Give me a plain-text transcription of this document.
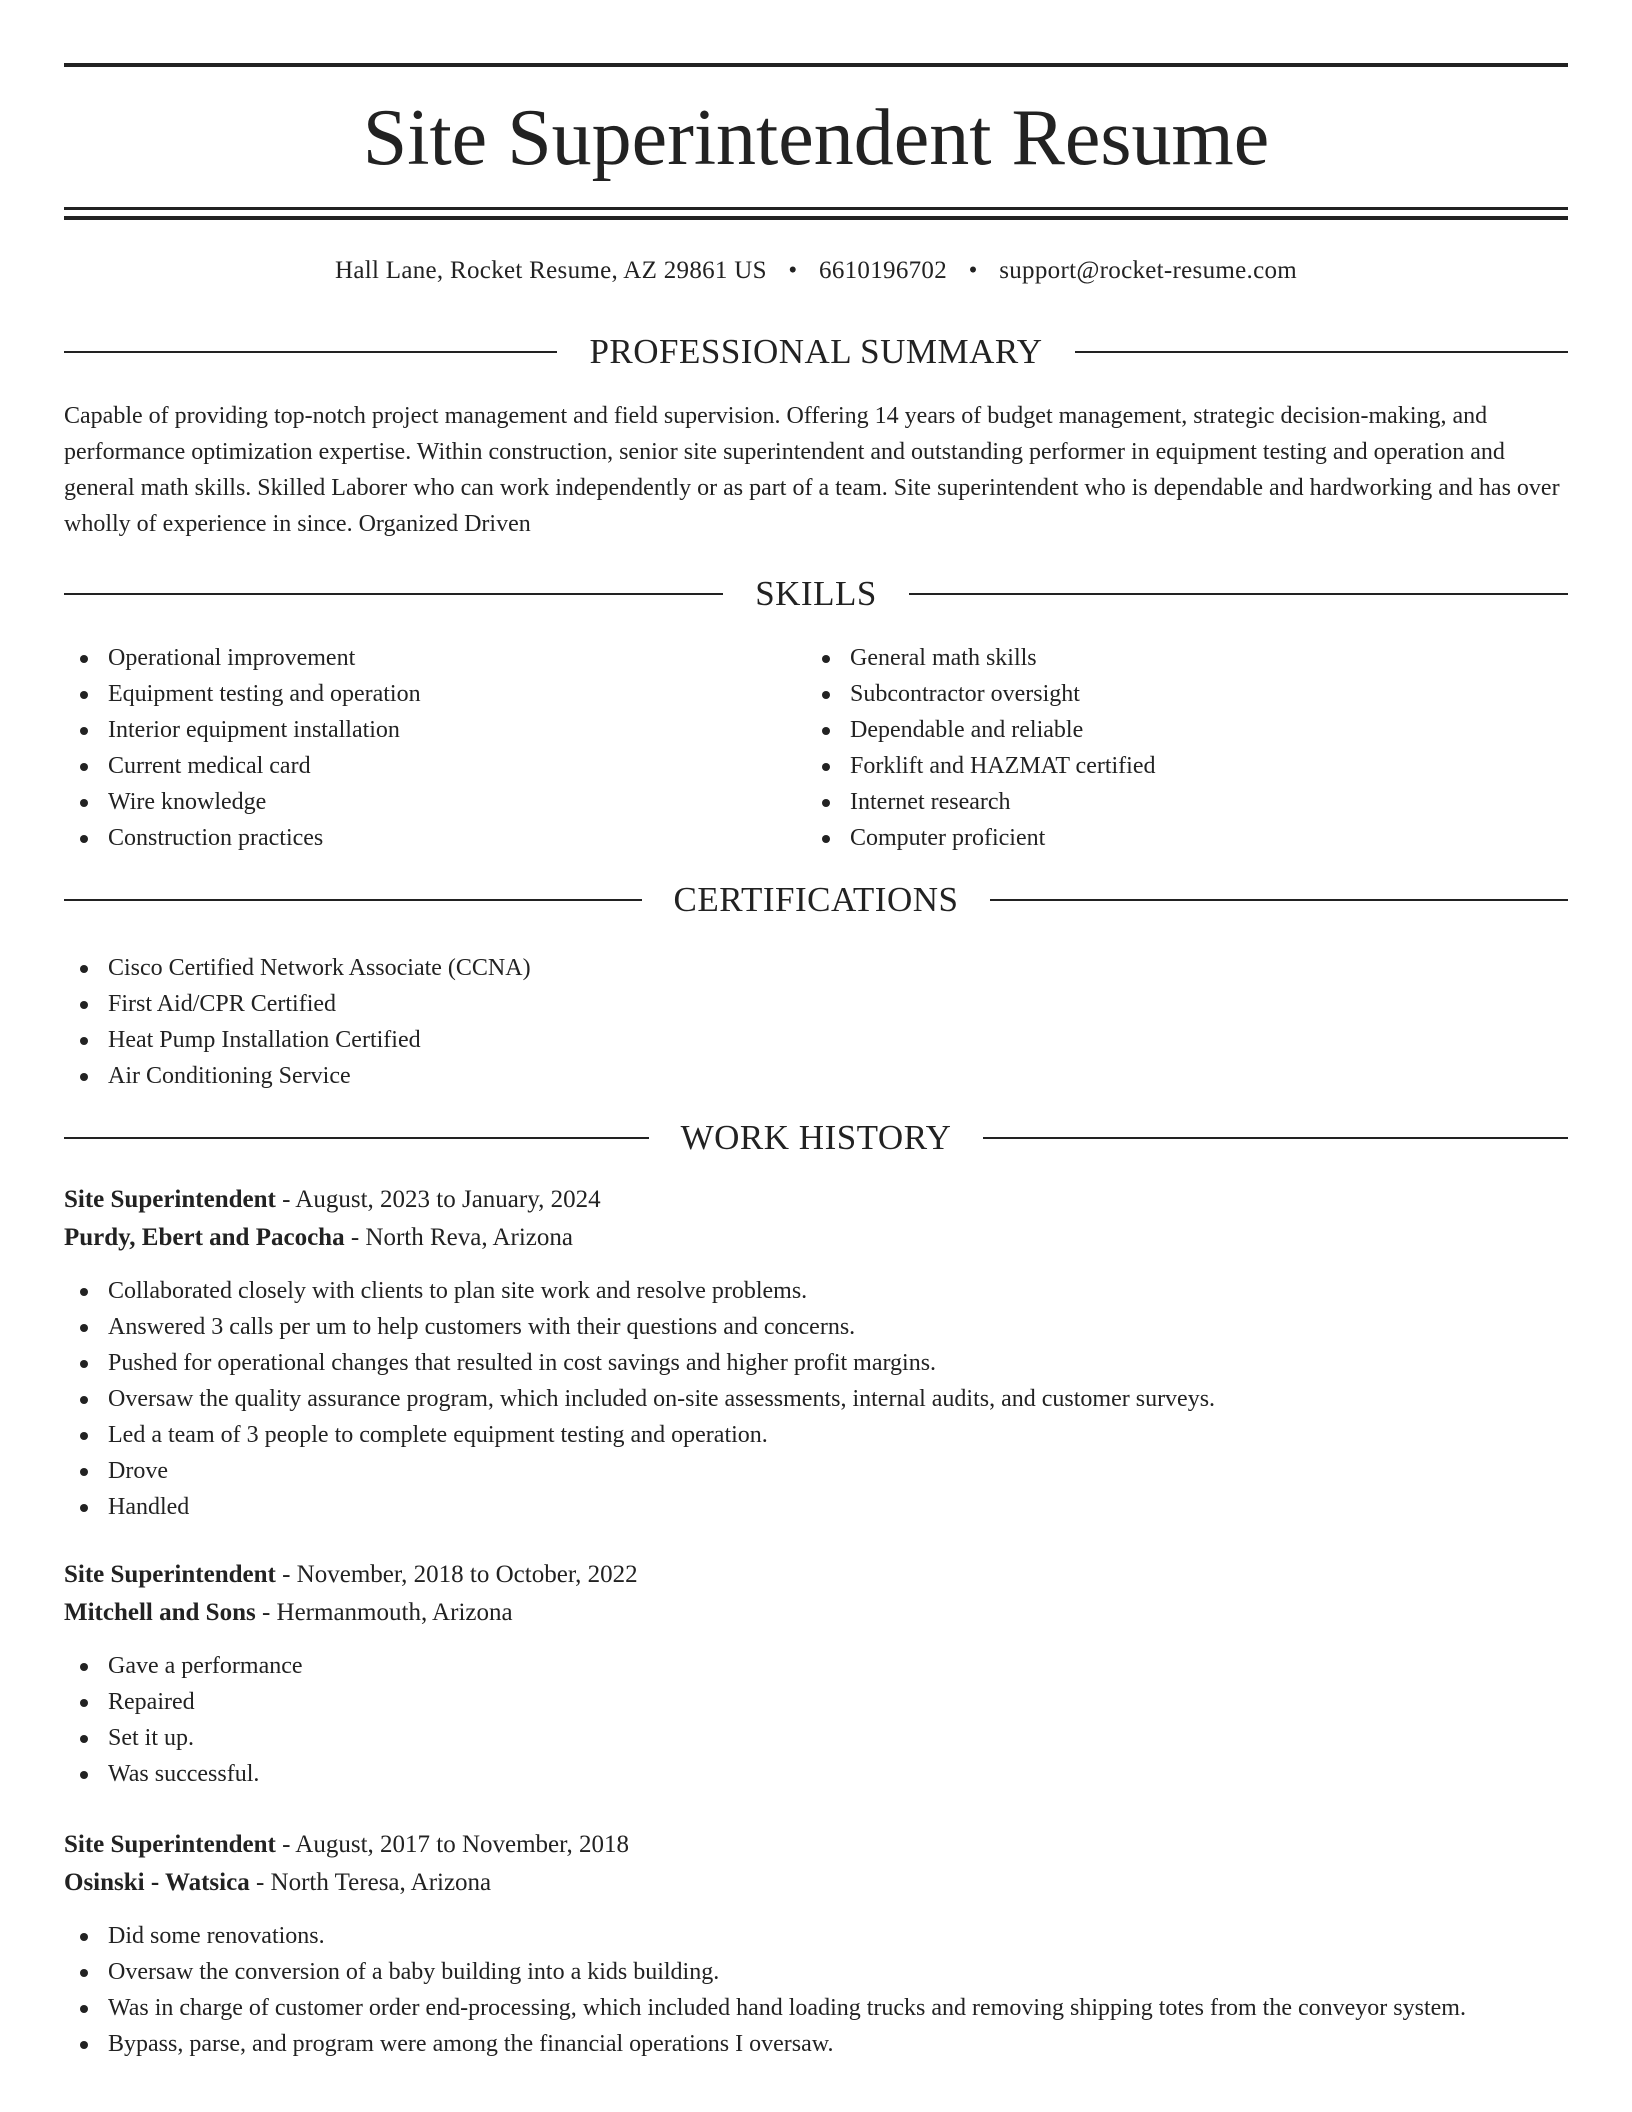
Site Superintendent Resume
Hall Lane, Rocket Resume, AZ 29861 US • 6610196702 • support@rocket-resume.com
PROFESSIONAL SUMMARY

Capable of providing top-notch project management and field supervision. Offering 14 years of budget management, strategic decision-making, and performance optimization expertise. Within construction, senior site superintendent and outstanding performer in equipment testing and operation and general math skills. Skilled Laborer who can work independently or as part of a team. Site superintendent who is dependable and hardworking and has over wholly of experience in since. Organized Driven

SKILLS
Operational improvement
Equipment testing and operation
Interior equipment installation
Current medical card
Wire knowledge
Construction practices
General math skills
Subcontractor oversight
Dependable and reliable
Forklift and HAZMAT certified
Internet research
Computer proficient
CERTIFICATIONS
Cisco Certified Network Associate (CCNA)
First Aid/CPR Certified
Heat Pump Installation Certified
Air Conditioning Service
WORK HISTORY
Site Superintendent - August, 2023 to January, 2024
Purdy, Ebert and Pacocha - North Reva, Arizona
Collaborated closely with clients to plan site work and resolve problems.
Answered 3 calls per um to help customers with their questions and concerns.
Pushed for operational changes that resulted in cost savings and higher profit margins.
Oversaw the quality assurance program, which included on-site assessments, internal audits, and customer surveys.
Led a team of 3 people to complete equipment testing and operation.
Drove
Handled
Site Superintendent - November, 2018 to October, 2022
Mitchell and Sons - Hermanmouth, Arizona
Gave a performance
Repaired
Set it up.
Was successful.
Site Superintendent - August, 2017 to November, 2018
Osinski - Watsica - North Teresa, Arizona
Did some renovations.
Oversaw the conversion of a baby building into a kids building.
Was in charge of customer order end-processing, which included hand loading trucks and removing shipping totes from the conveyor system.
Bypass, parse, and program were among the financial operations I oversaw.
